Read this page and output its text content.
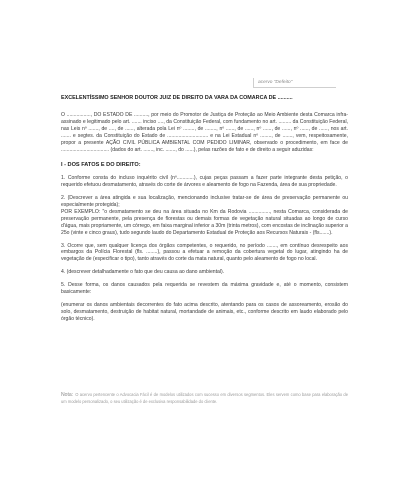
acervo "Defeito"
EXCELENTÍSSIMO SENHOR DOUTOR JUIZ DE DIREITO DA VARA DA COMARCA DE ..........

O ................., DO ESTADO DE .........., por meio do Promotor de Justiça de Proteção ao Meio Ambiente desta Comarca infra-assinado e legitimado pelo art. ....... inciso ...., da Constituição Federal, com fundamento no art. ......... da Constituição Federal, nas Leis nº ......., de ...., de ......, alterada pola Lei nº ........, de ........, nº ......, de ......, nº ......, de ......, nº ......, de ......, nos art. ....... e segtes. da Constituição do Estado de ............................. e na Lei Estadual nº ........, de ......., vem, respeitosamente, propor a presente AÇÃO CIVIL PÚBLICA AMBIENTAL COM PEDIDO LIMINAR, observado o procedimento, em face de .................................. (dados do art. ......., inc. ......., do ......), pelas razões de fato e de direito a seguir aduzidas:

I - DOS FATOS E DO DIREITO:

1. Conforme consta do incluso inquérito civil (nº............), cujas peças passam a fazer parte integrante desta petição, o requerido efetuou desmatamento, através do corte de árvores e aleamento de fogo na Fazenda, área de sua propriedade.

2. (Descrever a área atingida e sua localização, mencionando inclusive tratar-se de área de preservação permanente ou especialmente protegida);

POR EXEMPLO: "o desmatamento se deu na área situada no Km da Rodovia ..............., nesta Comarca, considerada de preservação permanente, pela presença de florestas ou demais formas de vegetação natural situadas ao longo de curso d'água, mais propriamente, um córrego, em faixa marginal inferior a 30m (trinta metros), com encostas de inclinação superior a 25o (vinte e cinco graus), tudo segundo laudo do Departamento Estadual de Proteção aos Recursos Naturais - (fls.......).

3. Ocorre que, sem qualquer licença dos órgãos competentes, o requerido, no período ......., em contínuo desrespeito aos embargos da Polícia Florestal (fls. ........), passou a efetuar a remoção da cobertura vegetal do lugar, atingindo ha de vegetação de (especificar o tipo), tanto através do corte da mata natural, quanto pelo aleamento de fogo no local.

4. (descrever detalhadamente o fato que deu causa ao dano ambiental).

5. Desse forma, os danos causados pela requerida se revestem da máxima gravidade e, até o momento, consistem basicamente:

(enumerar os danos ambientais decorrentes do fato acima descrito, atentando para os casos de assoreamento, erosão do solo, desmatamento, destruição de habitat natural, mortandade de animais, etc., conforme descrito em laudo elaborado pelo órgão técnico).

Nota: O acervo pertencente o Advocacia Fácil é de modelos utilizados com sucesso em diversos segmentos. Eles servem como base para elaboração de um modelo personalizado, o seu utilização é de exclusiva responsabilidade do cliente.
